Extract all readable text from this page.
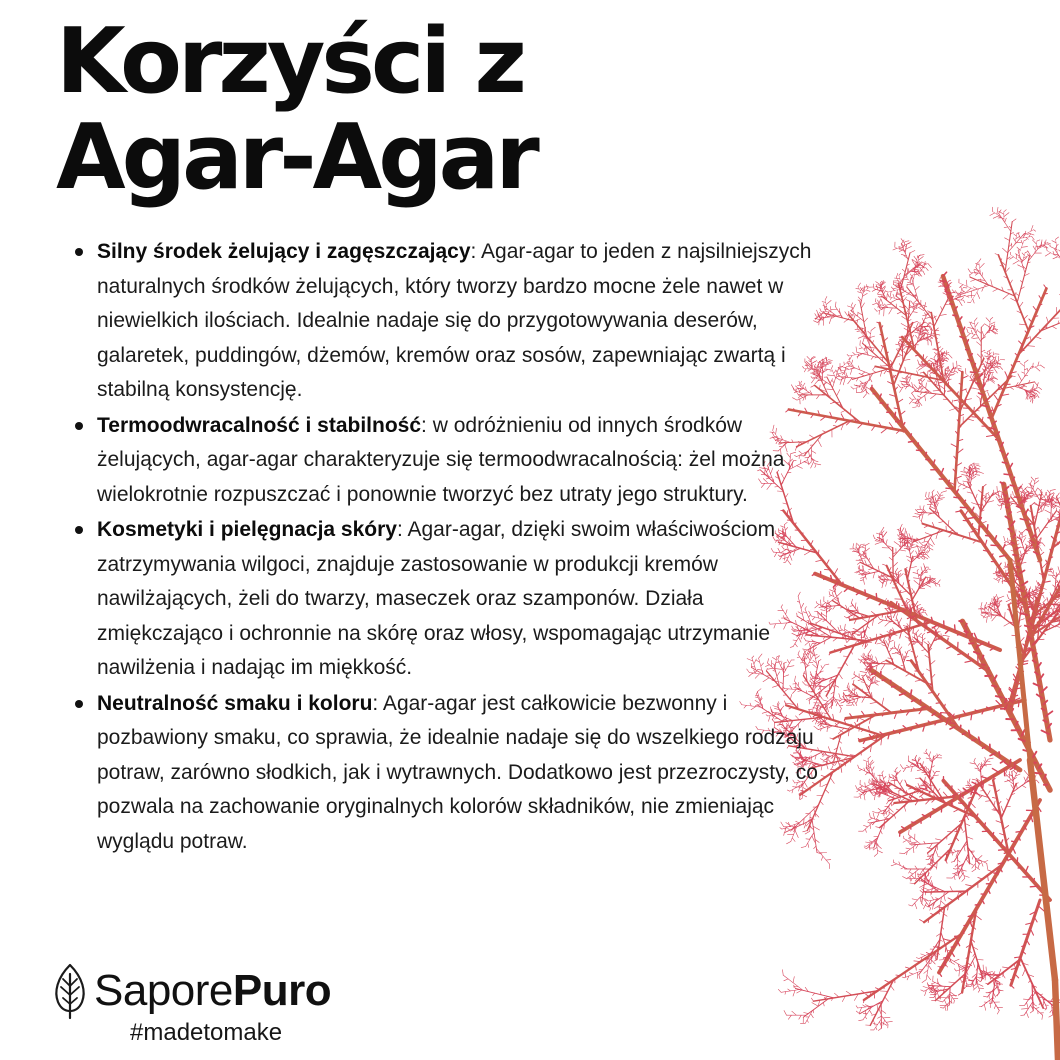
Korzyści z
Agar-Agar
Silny środek żelujący i zagęszczający: Agar-agar to jeden z najsilniejszych naturalnych środków żelujących, który tworzy bardzo mocne żele nawet w niewielkich ilościach. Idealnie nadaje się do przygotowywania deserów, galaretek, puddingów, dżemów, kremów oraz sosów, zapewniając zwartą i stabilną konsystencję.
Termoodwracalność i stabilność: w odróżnieniu od innych środków żelujących, agar-agar charakteryzuje się termoodwracalnością: żel można wielokrotnie rozpuszczać i ponownie tworzyć bez utraty jego struktury.
Kosmetyki i pielęgnacja skóry: Agar-agar, dzięki swoim właściwościom zatrzymywania wilgoci, znajduje zastosowanie w produkcji kremów nawilżających, żeli do twarzy, maseczek oraz szamponów. Działa zmiękczająco i ochronnie na skórę oraz włosy, wspomagając utrzymanie nawilżenia i nadając im miękkość.
Neutralność smaku i koloru: Agar-agar jest całkowicie bezwonny i pozbawiony smaku, co sprawia, że idealnie nadaje się do wszelkiego rodzaju potraw, zarówno słodkich, jak i wytrawnych. Dodatkowo jest przezroczysty, co pozwala na zachowanie oryginalnych kolorów składników, nie zmieniając wyglądu potraw.
SaporePuro
#madetomake
